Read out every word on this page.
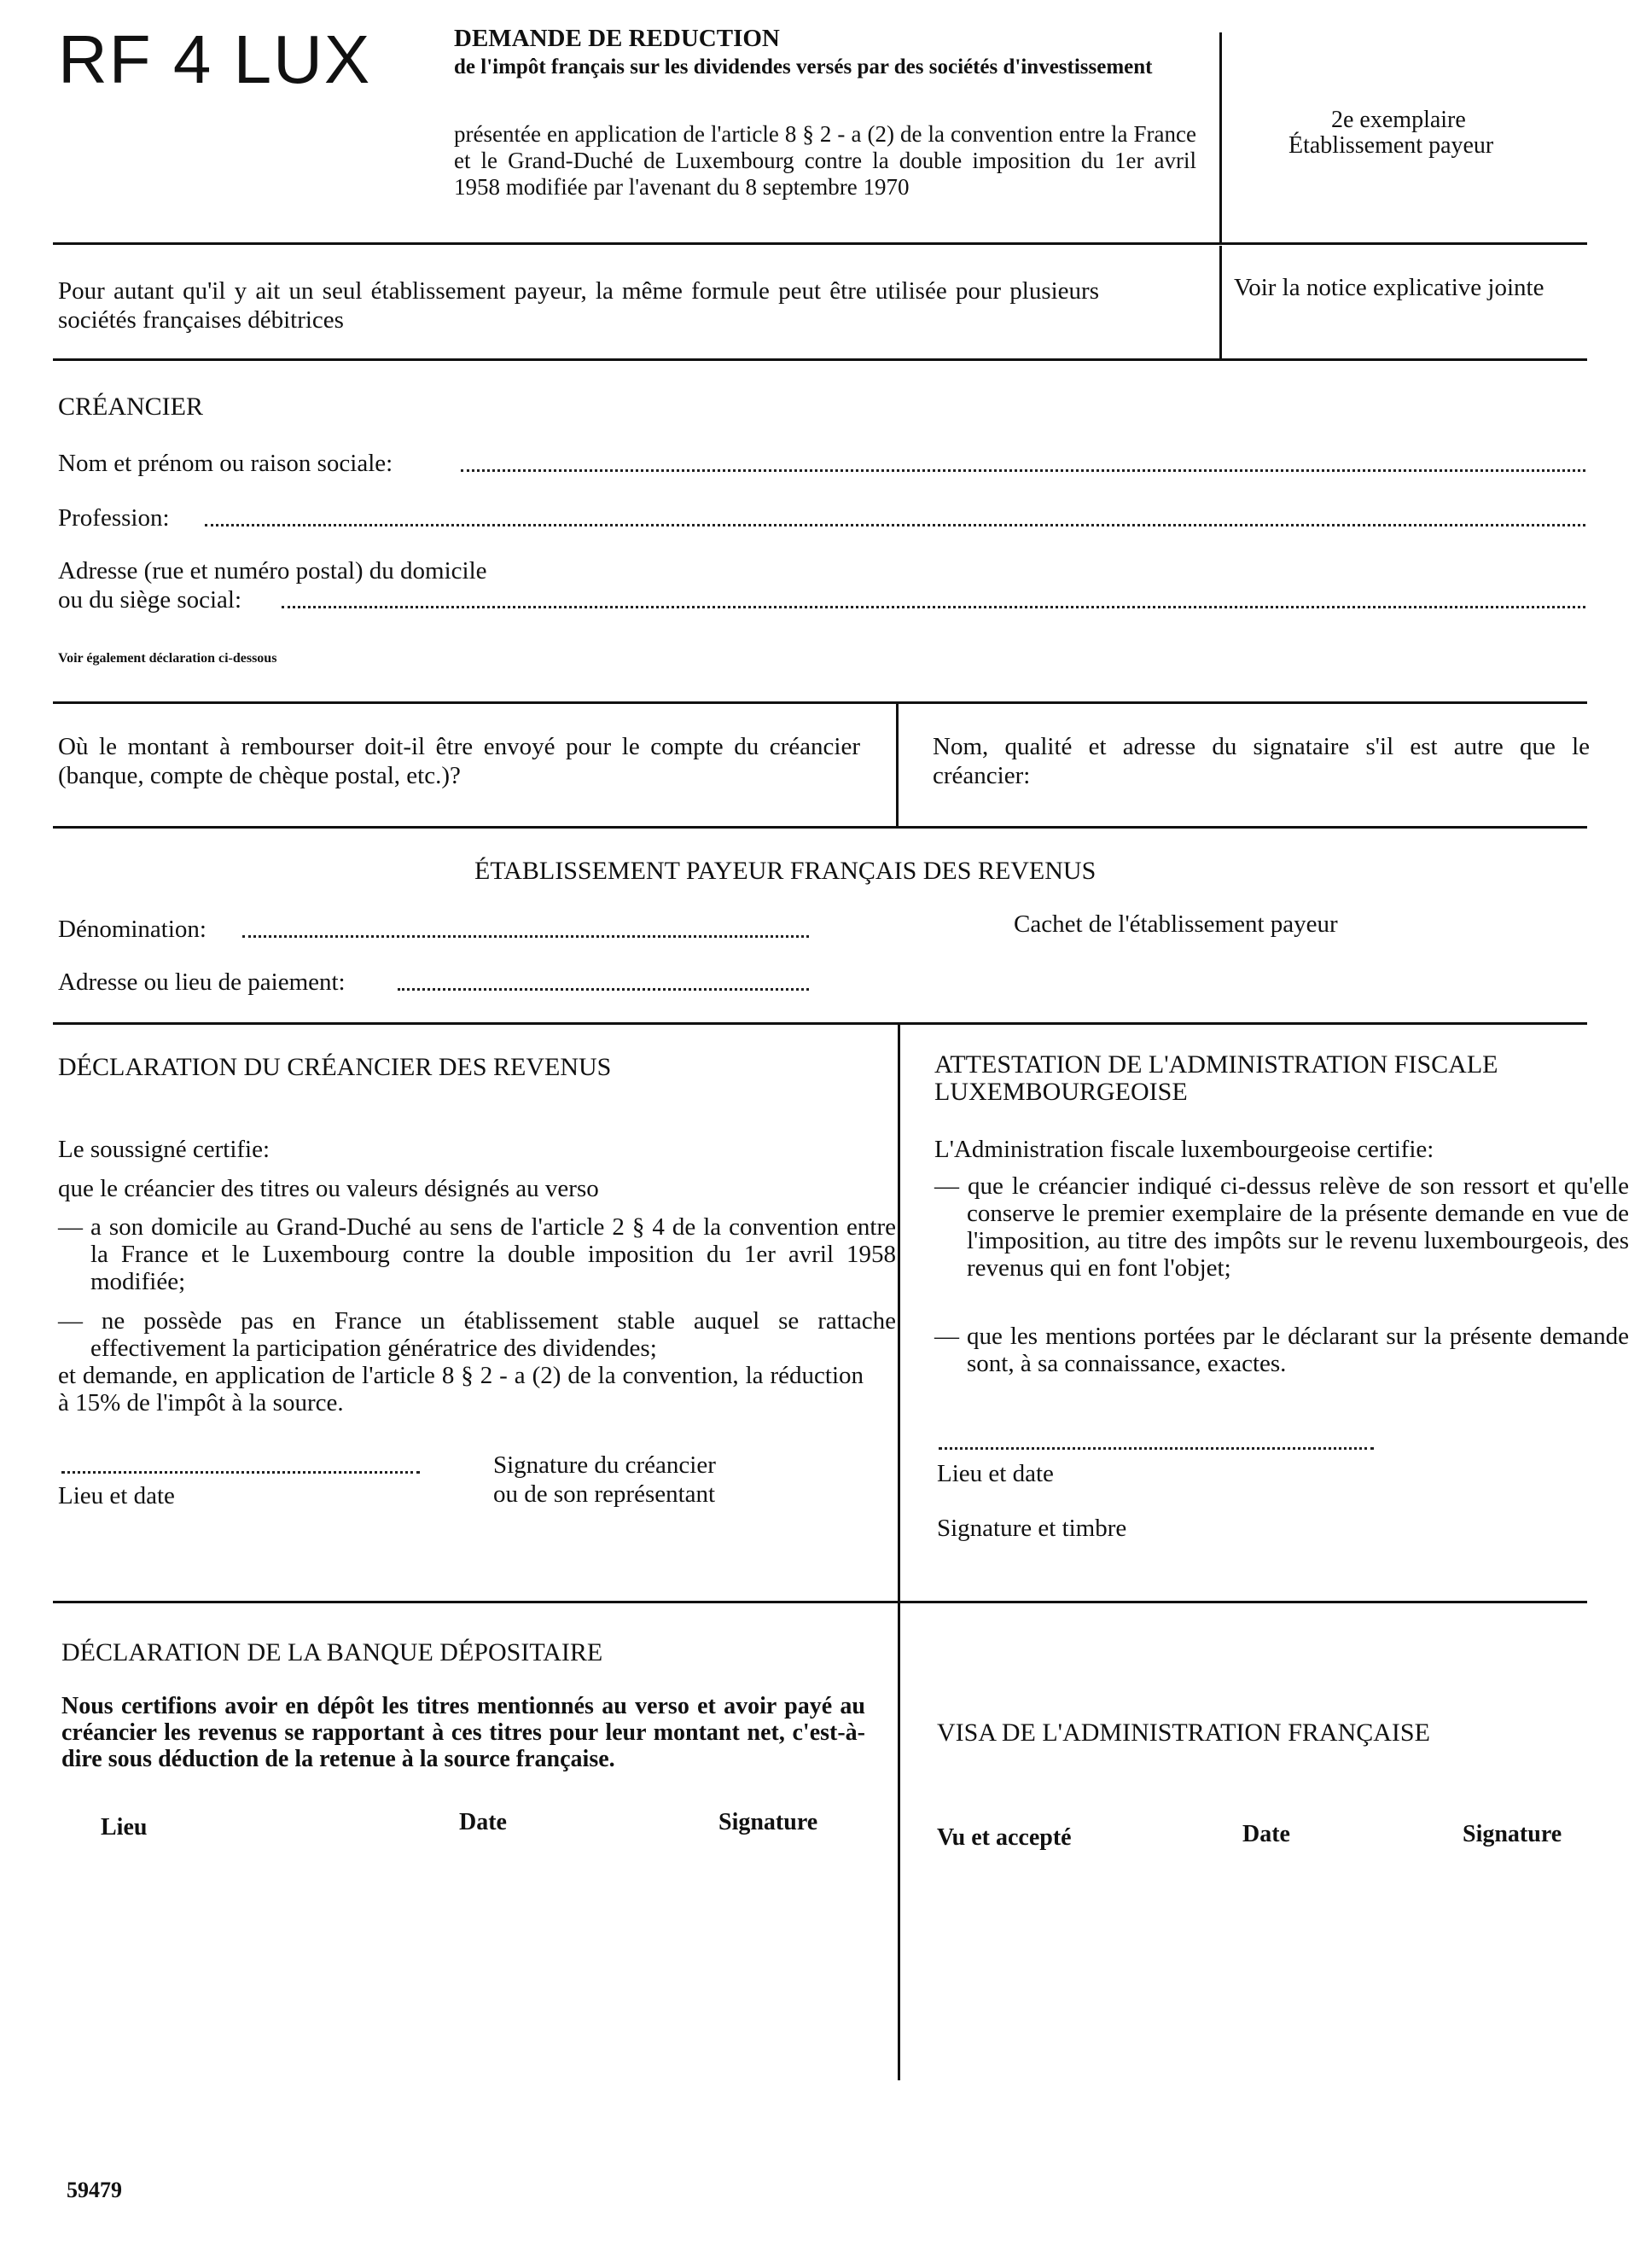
RF 4 LUX	DEMANDE DE REDUCTION
de l'impôt français sur les dividendes versés par des sociétés d'investissement
présentée en application de l'article 8 § 2 - a (2) de la convention entre la France et le Grand-Duché de Luxembourg contre la double imposition du 1er avril 1958 modifiée par l'avenant du 8 septembre 1970
2e exemplaire
Établissement payeur
Pour autant qu'il y ait un seul établissement payeur, la même formule peut être utilisée pour plusieurs sociétés françaises débitrices
Voir la notice explicative jointe
CRÉANCIER
Nom et prénom ou raison sociale:
Profession:
Adresse (rue et numéro postal) du domicile
ou du siège social:
Voir également déclaration ci-dessous
Où le montant à rembourser doit-il être envoyé pour le compte du créancier (banque, compte de chèque postal, etc.)?
Nom, qualité et adresse du signataire s'il est autre que le créancier:
ÉTABLISSEMENT PAYEUR FRANÇAIS DES REVENUS
Dénomination:	Cachet de l'établissement payeur
Adresse ou lieu de paiement:
DÉCLARATION DU CRÉANCIER DES REVENUS
Le soussigné certifie:
que le créancier des titres ou valeurs désignés au verso
— a son domicile au Grand-Duché au sens de l'article 2 § 4 de la convention entre la France et le Luxembourg contre la double imposition du 1er avril 1958 modifiée;
— ne possède pas en France un établissement stable auquel se rattache effectivement la participation génératrice des dividendes;
et demande, en application de l'article 8 § 2 - a (2) de la convention, la réduction à 15% de l'impôt à la source.
Lieu et date
Signature du créancier
ou de son représentant
ATTESTATION DE L'ADMINISTRATION FISCALE LUXEMBOURGEOISE
L'Administration fiscale luxembourgeoise certifie:
— que le créancier indiqué ci-dessus relève de son ressort et qu'elle conserve le premier exemplaire de la présente demande en vue de l'imposition, au titre des impôts sur le revenu luxembourgeois, des revenus qui en font l'objet;
— que les mentions portées par le déclarant sur la présente demande sont, à sa connaissance, exactes.
Lieu et date
Signature et timbre
DÉCLARATION DE LA BANQUE DÉPOSITAIRE
Nous certifions avoir en dépôt les titres mentionnés au verso et avoir payé au créancier les revenus se rapportant à ces titres pour leur montant net, c'est-à-dire sous déduction de la retenue à la source française.
Lieu	Date	Signature
VISA DE L'ADMINISTRATION FRANÇAISE
Vu et accepté	Date	Signature
59479
